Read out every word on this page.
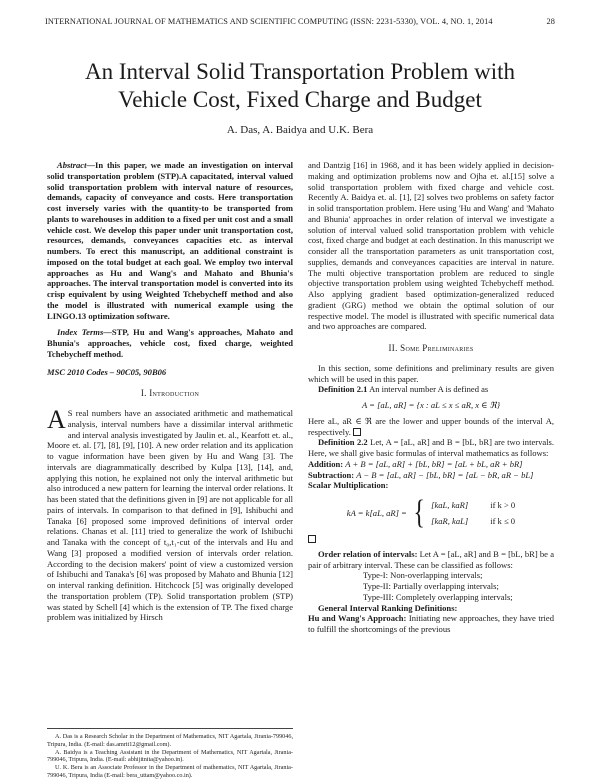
INTERNATIONAL JOURNAL OF MATHEMATICS AND SCIENTIFIC COMPUTING (ISSN: 2231-5330), VOL. 4, NO. 1, 2014	28
An Interval Solid Transportation Problem with
Vehicle Cost, Fixed Charge and Budget
A. Das, A. Baidya and U.K. Bera

Abstract—In this paper, we made an investigation on interval solid transportation problem (STP).A capacitated, interval valued solid transportation problem with interval nature of resources, demands, capacity of conveyance and costs. Here transportation cost inversely varies with the quantity-to be transported from plants to warehouses in addition to a fixed per unit cost and a small vehicle cost. We develop this paper under unit transportation cost, resources, demands, conveyances capacities etc. as interval numbers. To erect this manuscript, an additional constraint is imposed on the total budget at each goal. We employ two interval approaches as Hu and Wang's and Mahato and Bhunia's approaches. The interval transportation model is converted into its crisp equivalent by using Weighted Tchebycheff method and also the model is illustrated with numerical example using the LINGO.13 optimization software.

Index Terms—STP, Hu and Wang's approaches, Mahato and Bhunia's approaches, vehicle cost, fixed charge, weighted Tchebycheff method.

MSC 2010 Codes – 90C05, 90B06

I. Introduction

A S real numbers have an associated arithmetic and mathematical analysis, interval numbers have a dissimilar interval arithmetic and interval analysis investigated by Jaulin et. al., Kearfott et. al., Moore et. al. [7], [8], [9], [10]. A new order relation and its application to vague information have been given by Hu and Wang [3]. The intervals are diagrammatically described by Kulpa [13], [14], and, applying this notion, he explained not only the interval arithmetic but also introduced a new pattern for learning the interval order relations. It has been stated that the definitions given in [9] are not applicable for all pairs of intervals. In comparison to that defined in [9], Ishibuchi and Tanaka [6] proposed some improved definitions of interval order relations. Chanas et al. [11] tried to generalize the work of Ishibuchi and Tanaka with the concept of t₀,t₁-cut of the intervals and Hu and Wang [3] proposed a modified version of intervals order relation. According to the decision makers' point of view a customized version of Ishibuchi and Tanaka's [6] was proposed by Mahato and Bhunia [12] on interval ranking definition. Hitchcock [5] was originally developed the transportation problem (TP). Solid transportation problem (STP) was stated by Schell [4] which is the extension of TP. The fixed charge problem was initialized by Hirsch

A. Das is a Research Scholar in the Department of Mathematics, NIT Agartala, Jirania-799046, Tripura, India. (E-mail: das.amrit12@gmail.com).

A. Baidya is a Teaching Assistant in the Department of Mathematics, NIT Agartala, Jirania-799046, Tripura, India. (E-mail: abhijitnita@yahoo.in).

U. K. Bera is an Associate Professor in the Department of mathematics, NIT Agartala, Jirania-799046, Tripura, India (E-mail: bera_uttam@yahoo.co.in).

and Dantzig [16] in 1968, and it has been widely applied in decision-making and optimization problems now and Ojha et. al.[15] solve a solid transportation problem with fixed charge and vehicle cost. Recently A. Baidya et. al. [1], [2] solves two problems on safety factor in solid transportation problem. Here using 'Hu and Wang' and 'Mahato and Bhunia' approaches in order relation of interval we investigate a solution of interval valued solid transportation problem with vehicle cost, fixed charge and budget at each destination. In this manuscript we consider all the transportation parameters as unit transportation cost, supplies, demands and conveyances capacities are interval in nature. The multi objective transportation problem are reduced to single objective transportation problem using weighted Tchebycheff method. Also applying gradient based optimization-generalized reduced gradient (GRG) method we obtain the optimal solution of our respective model. The model is illustrated with specific numerical data and two approaches are compared.

II. Some Preliminaries

In this section, some definitions and preliminary results are given which will be used in this paper.

Definition 2.1 An interval number A is defined as

A = [aL, aR] = {x : aL ≤ x ≤ aR, x ∈ ℜ}

Here aL, aR ∈ ℜ are the lower and upper bounds of the interval A, respectively.

Definition 2.2 Let, A = [aL, aR] and B = [bL, bR] are two intervals. Here, we shall give basic formulas of interval mathematics as follows:

Addition: A + B = [aL, aR] + [bL, bR] = [aL + bL, aR + bR]

Subtraction: A − B = [aL, aR] − [bL, bR] = [aL − bR, aR − bL]

Scalar Multiplication:

kA = k[aL, aR] = { [kaL, kaR]	if k > 0
[kaR, kaL]	if k ≤ 0

Order relation of intervals: Let A = [aL, aR] and B = [bL, bR] be a pair of arbitrary interval. These can be classified as follows:

Type-I: Non-overlapping intervals;

Type-II: Partially overlapping intervals;

Type-III: Completely overlapping intervals;

General Interval Ranking Definitions:

Hu and Wang's Approach: Initiating new approaches, they have tried to fulfill the shortcomings of the previous
